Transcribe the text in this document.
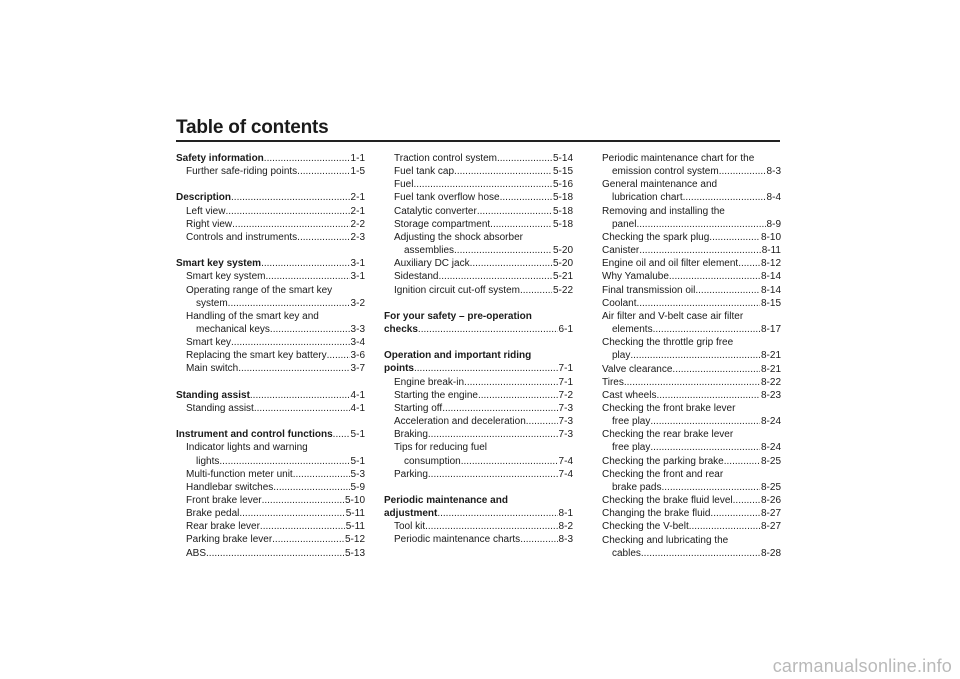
Table of contents
Safety information .....	1-1
Further safe-riding points .....	1-5
Description .....	2-1
Left view .....	2-1
Right view .....	2-2
Controls and instruments .....	2-3
Smart key system .....	3-1
Smart key system .....	3-1
Operating range of the smart key
system .....	3-2
Handling of the smart key and
mechanical keys .....	3-3
Smart key .....	3-4
Replacing the smart key battery ..... 3-6
Main switch .....	3-7
Standing assist .....	4-1
Standing assist .....	4-1
Instrument and control functions ..... 5-1
Indicator lights and warning
lights .....	5-1
Multi-function meter unit .....	5-3
Handlebar switches .....	5-9
Front brake lever .....	5-10
Brake pedal .....	5-11
Rear brake lever .....	5-11
Parking brake lever .....	5-12
ABS .....	5-13
Traction control system .....	5-14
Fuel tank cap .....	5-15
Fuel .....	5-16
Fuel tank overflow hose .....	5-18
Catalytic converter .....	5-18
Storage compartment .....	5-18
Adjusting the shock absorber
assemblies .....	5-20
Auxiliary DC jack .....	5-20
Sidestand .....	5-21
Ignition circuit cut-off system .....	5-22
For your safety – pre-operation
checks .....	6-1
Operation and important riding
points .....	7-1
Engine break-in .....	7-1
Starting the engine .....	7-2
Starting off .....	7-3
Acceleration and deceleration .....	7-3
Braking .....	7-3
Tips for reducing fuel
consumption .....	7-4
Parking .....	7-4
Periodic maintenance and
adjustment .....	8-1
Tool kit .....	8-2
Periodic maintenance charts .....	8-3
Periodic maintenance chart for the
emission control system .....	8-3
General maintenance and
lubrication chart .....	8-4
Removing and installing the
panel .....	8-9
Checking the spark plug .....	8-10
Canister .....	8-11
Engine oil and oil filter element ..... 8-12
Why Yamalube .....	8-14
Final transmission oil .....	8-14
Coolant .....	8-15
Air filter and V-belt case air filter
elements .....	8-17
Checking the throttle grip free
play .....	8-21
Valve clearance .....	8-21
Tires .....	8-22
Cast wheels .....	8-23
Checking the front brake lever
free play .....	8-24
Checking the rear brake lever
free play .....	8-24
Checking the parking brake .....	8-25
Checking the front and rear
brake pads .....	8-25
Checking the brake fluid level .....	8-26
Changing the brake fluid .....	8-27
Checking the V-belt .....	8-27
Checking and lubricating the
cables .....	8-28
carmanualsonline.info
